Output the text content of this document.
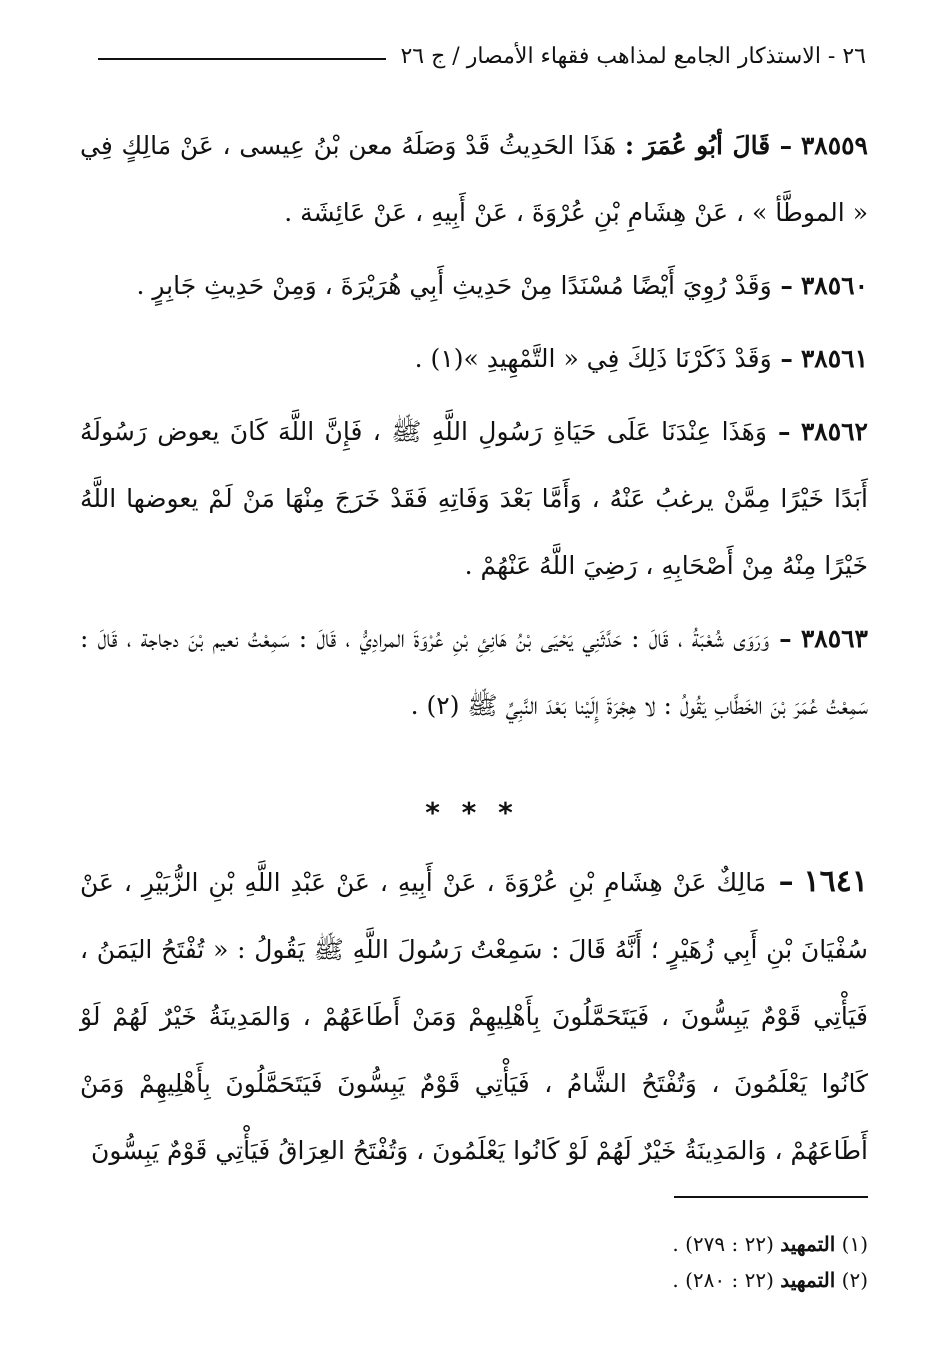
٢٦ - الاستذكار الجامع لمذاهب فقهاء الأمصار / ج ٢٦

٣٨٥٥٩ – قَالَ أبُو عُمَرَ : هَذَا الحَدِيثُ قَدْ وَصَلَهُ معن بْنُ عِيسى ، عَنْ مَالِكٍ فِي « الموطَّأ » ، عَنْ هِشَامِ بْنِ عُرْوَةَ ، عَنْ أَبِيهِ ، عَنْ عَائِشَة .

٣٨٥٦٠ – وَقَدْ رُوِيَ أَيْضًا مُسْنَدًا مِنْ حَدِيثِ أَبِي هُرَيْرَةَ ، وَمِنْ حَدِيثِ جَابِرٍ .

٣٨٥٦١ – وَقَدْ ذَكَرْنَا ذَلِكَ فِي « التَّمْهِيدِ »(١) .

٣٨٥٦٢ – وَهَذَا عِنْدَنَا عَلَى حَيَاةِ رَسُولِ اللَّهِ ﷺ ، فَإِنَّ اللَّهَ كَانَ يعوض رَسُولَهُ أَبَدًا خَيْرًا مِمَّنْ يرغبُ عَنْهُ ، وَأَمَّا بَعْدَ وَفَاتِهِ فَقَدْ خَرَجَ مِنْهَا مَنْ لَمْ يعوضها اللَّهُ خَيْرًا مِنْهُ مِنْ أَصْحَابِهِ ، رَضِيَ اللَّهُ عَنْهُمْ .

٣٨٥٦٣ – وَرَوَى شُعْبَةُ ، قَالَ : حَدَّثَنِي يَحْيَى بْنُ هَانِئِ بْنِ عُرْوَةَ المرادِيُّ ، قَالَ : سَمِعْتُ نعيم بْنَ دجاجة ، قَالَ : سَمِعْتُ عُمَرَ بْنَ الخَطَّابِ يَقُولُ : لا هِجْرَةَ إِلَيْنا بَعْدَ النَّبِيِّ ﷺ (٢) .

* * *

١٦٤١ – مَالِكٌ عَنْ هِشَامِ بْنِ عُرْوَةَ ، عَنْ أَبِيهِ ، عَنْ عَبْدِ اللَّهِ بْنِ الزُّبَيْرِ ، عَنْ سُفْيَانَ بْنِ أَبِي زُهَيْرٍ ؛ أَنَّهُ قَالَ : سَمِعْتُ رَسُولَ اللَّهِ ﷺ يَقُولُ : « تُفْتَحُ اليَمَنُ ، فَيَأْتِي قَوْمٌ يَبِسُّونَ ، فَيَتَحَمَّلُونَ بِأَهْلِيهِمْ وَمَنْ أَطَاعَهُمْ ، وَالمَدِينَةُ خَيْرٌ لَهُمْ لَوْ كَانُوا يَعْلَمُونَ ، وَتُفْتَحُ الشَّامُ ، فَيَأْتِي قَوْمٌ يَبِسُّونَ فَيَتَحَمَّلُونَ بِأَهْلِيهِمْ وَمَنْ أَطَاعَهُمْ ، وَالمَدِينَةُ خَيْرٌ لَهُمْ لَوْ كَانُوا يَعْلَمُونَ ، وَتُفْتَحُ العِرَاقُ فَيَأْتِي قَوْمٌ يَبِسُّونَ

(١) التمهيد (٢٢ : ٢٧٩) .
(٢) التمهيد (٢٢ : ٢٨٠) .
